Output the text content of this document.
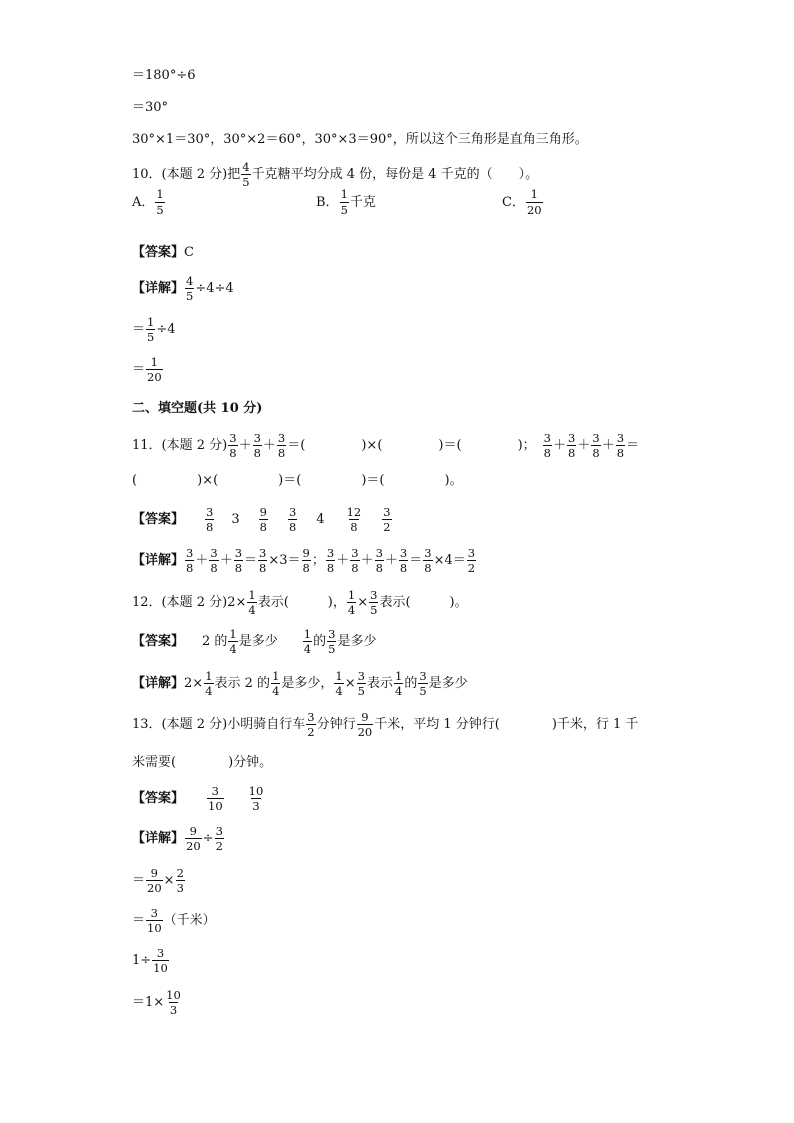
＝180°÷6
＝30°
30°×1＝30°，30°×2＝60°，30°×3＝90°，所以这个三角形是直角三角形。
10．(本题 2 分)把 $\frac{4}{5}$ 千克糖平均分成 4 份，每份是 4 千克的（　　）。
A． $\frac{1}{5}$	B． $\frac{1}{5}$ 千克	C． $\frac{1}{20}$
【答案】 C
【详解】 $\frac{4}{5} \div 4\div 4$
＝ $\frac{1}{5} \div 4$
＝ $\frac{1}{20}$
二、填空题(共 10 分)
11．(本题 2 分) $\frac{3}{8} + \frac{3}{8} + \frac{3}{8}$ ＝ (	) × (	) ＝ (	) ； $\frac{3}{8} + \frac{3}{8} + \frac{3}{8} + \frac{3}{8}$ ＝
(	) × (	) ＝ (	) ＝ (	) 。
【答案】 $\frac{3}{8} 3 \frac{9}{8} \frac{3}{8} 4 \frac{12}{8} \frac{3}{2}$
【详解】 $\frac{3}{8} + \frac{3}{8} + \frac{3}{8} = \frac{3}{8} \times 3= \frac{9}{8}$ ； $\frac{3}{8} + \frac{3}{8} + \frac{3}{8} + \frac{3}{8} = \frac{3}{8} \times 4= \frac{3}{2}$
12．(本题 2 分)$2\times \frac{1}{4}$ 表示(　　　)， $\frac{1}{4} \times \frac{3}{5}$ 表示(　　　)。
【答案】 2 的 $\frac{1}{4}$ 是多少 $\frac{1}{4}$ 的 $\frac{3}{5}$ 是多少
【详解】 $2\times \frac{1}{4}$ 表示 2 的 $\frac{1}{4}$ 是多少， $\frac{1}{4} \times \frac{3}{5}$ 表示 $\frac{1}{4}$ 的 $\frac{3}{5}$ 是多少
13．(本题 2 分)小明骑自行车 $\frac{3}{2}$ 分钟行 $\frac{9}{20}$ 千米，平均 1 分钟行(　　　　)千米，行 1 千
米需要(　　　　)分钟。
【答案】 $\frac{3}{10} \frac{10}{3}$
【详解】 $\frac{9}{20} \div \frac{3}{2}$
＝ $\frac{9}{20} \times \frac{2}{3}$
＝ $\frac{3}{10}$ （千米）
$1\div \frac{3}{10}$
$=1\times \frac{10}{3}$
